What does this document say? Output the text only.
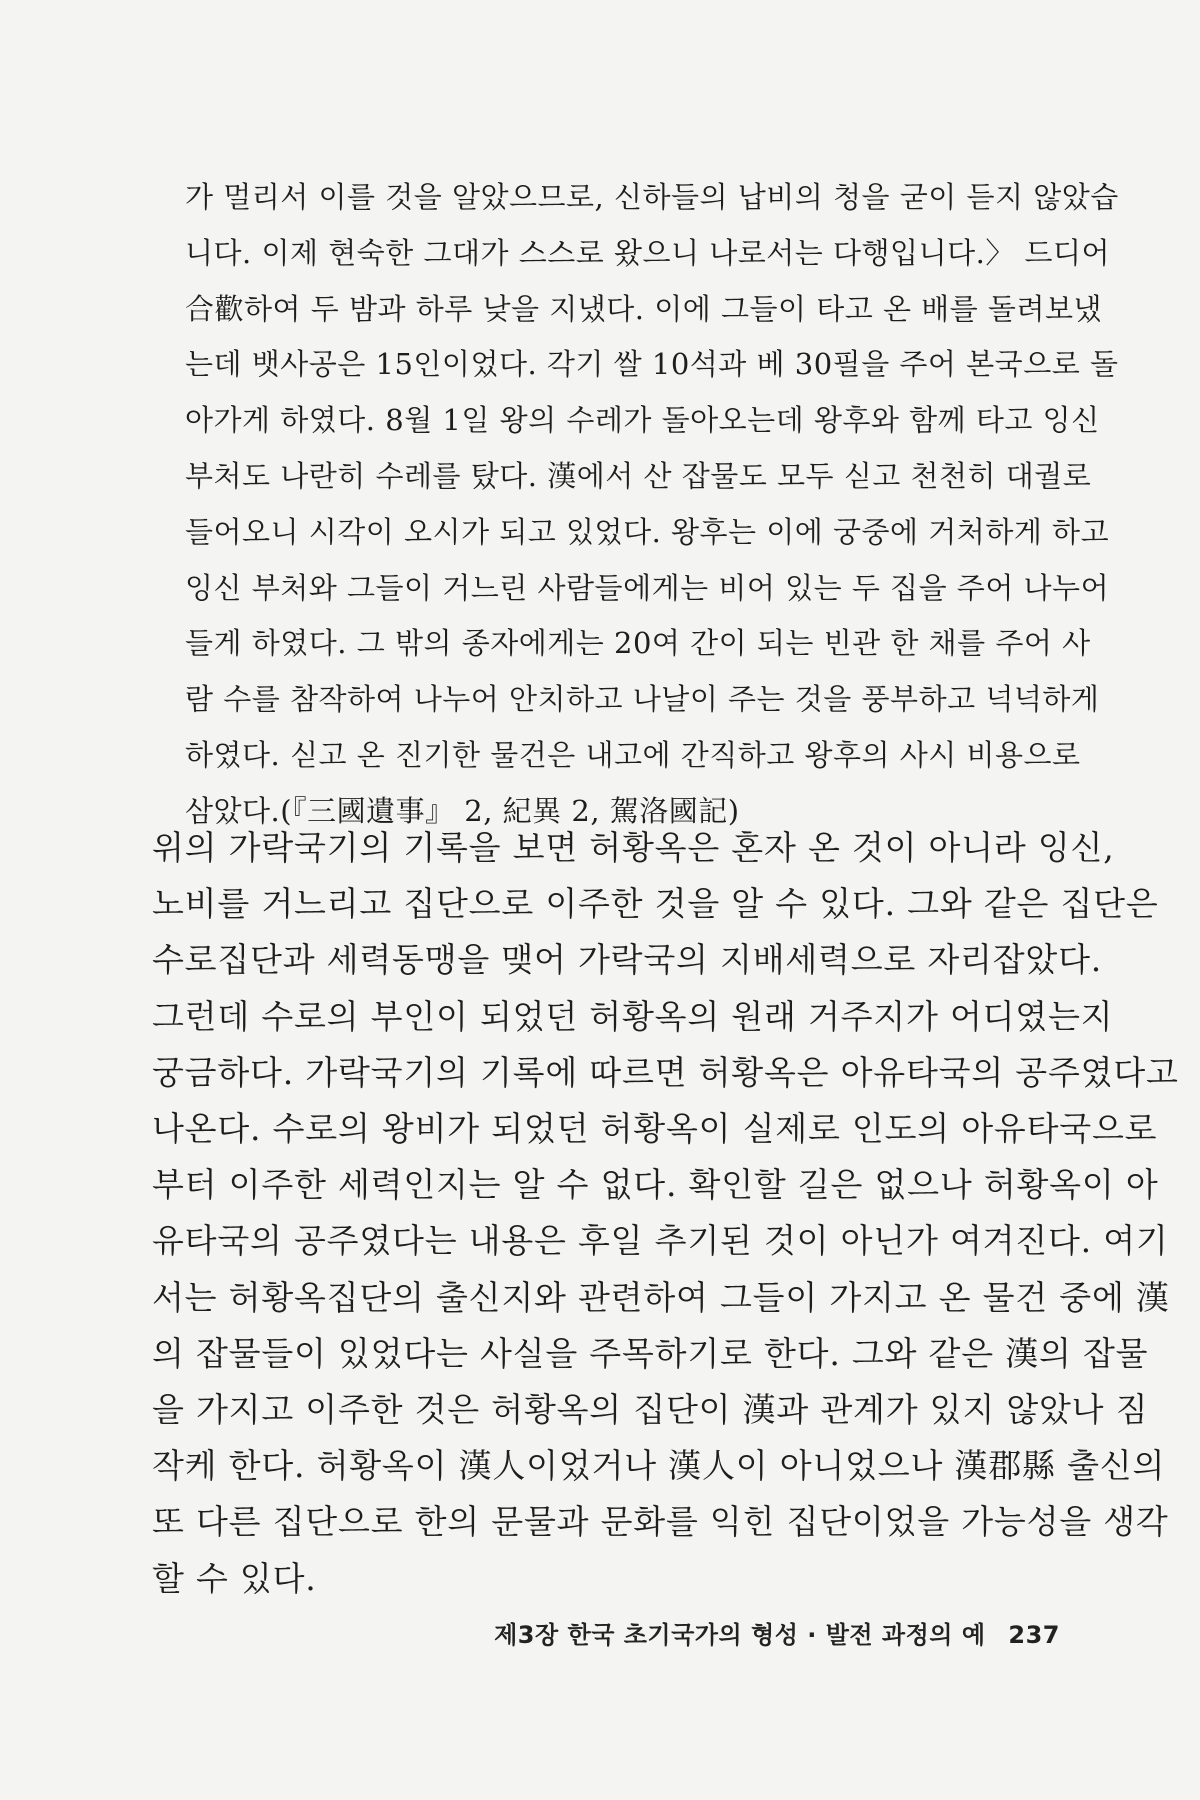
가 멀리서 이를 것을 알았으므로, 신하들의 납비의 청을 굳이 듣지 않았습
니다. 이제 현숙한 그대가 스스로 왔으니 나로서는 다행입니다.〉 드디어
合歡하여 두 밤과 하루 낮을 지냈다. 이에 그들이 타고 온 배를 돌려보냈
는데 뱃사공은 15인이었다. 각기 쌀 10석과 베 30필을 주어 본국으로 돌
아가게 하였다. 8월 1일 왕의 수레가 돌아오는데 왕후와 함께 타고 잉신
부처도 나란히 수레를 탔다. 漢에서 산 잡물도 모두 싣고 천천히 대궐로
들어오니 시각이 오시가 되고 있었다. 왕후는 이에 궁중에 거처하게 하고
잉신 부처와 그들이 거느린 사람들에게는 비어 있는 두 집을 주어 나누어
들게 하였다. 그 밖의 종자에게는 20여 간이 되는 빈관 한 채를 주어 사
람 수를 참작하여 나누어 안치하고 나날이 주는 것을 풍부하고 넉넉하게
하였다. 싣고 온 진기한 물건은 내고에 간직하고 왕후의 사시 비용으로
삼았다.(『三國遺事』 2, 紀異 2, 駕洛國記)
위의 가락국기의 기록을 보면 허황옥은 혼자 온 것이 아니라 잉신,
노비를 거느리고 집단으로 이주한 것을 알 수 있다. 그와 같은 집단은
수로집단과 세력동맹을 맺어 가락국의 지배세력으로 자리잡았다.
그런데 수로의 부인이 되었던 허황옥의 원래 거주지가 어디였는지
궁금하다. 가락국기의 기록에 따르면 허황옥은 아유타국의 공주였다고
나온다. 수로의 왕비가 되었던 허황옥이 실제로 인도의 아유타국으로
부터 이주한 세력인지는 알 수 없다. 확인할 길은 없으나 허황옥이 아
유타국의 공주였다는 내용은 후일 추기된 것이 아닌가 여겨진다. 여기
서는 허황옥집단의 출신지와 관련하여 그들이 가지고 온 물건 중에 漢
의 잡물들이 있었다는 사실을 주목하기로 한다. 그와 같은 漢의 잡물
을 가지고 이주한 것은 허황옥의 집단이 漢과 관계가 있지 않았나 짐
작케 한다. 허황옥이 漢人이었거나 漢人이 아니었으나 漢郡縣 출신의
또 다른 집단으로 한의 문물과 문화를 익힌 집단이었을 가능성을 생각
할 수 있다.
제3장 한국 초기국가의 형성 · 발전 과정의 예 237
